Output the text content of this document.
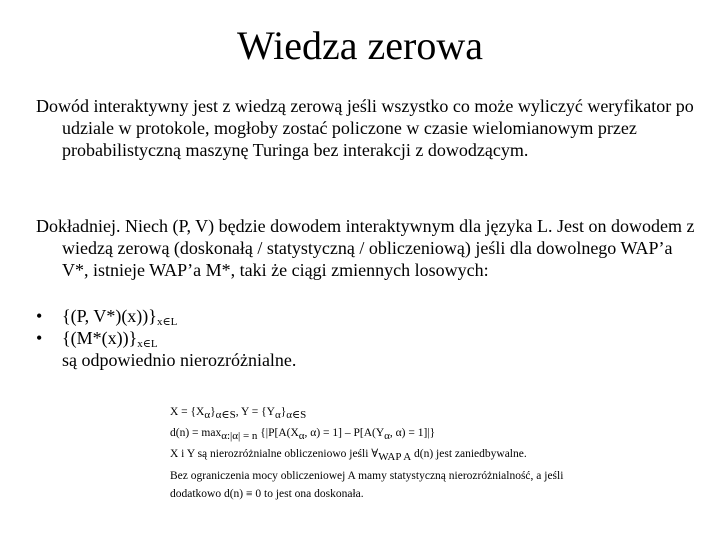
Wiedza zerowa
Dowód interaktywny jest z wiedzą zerową jeśli wszystko co może wyliczyć weryfikator po udziale w protokole, mogłoby zostać policzone w czasie wielomianowym przez probabilistyczną maszynę Turinga bez interakcji z dowodzącym.
Dokładniej. Niech (P, V) będzie dowodem interaktywnym dla języka L. Jest on dowodem z wiedzą zerową (doskonałą / statystyczną / obliczeniową) jeśli dla dowolnego WAP’a V*, istnieje WAP’a M*, taki że ciągi zmiennych losowych:
•	{(P, $V*)(x))\}_{x\in L}$
•	$\{(M*(x))\}_{x\in L}$
są odpowiednio nierozróżnialne.
$X = \{X_\alpha\}_{\alpha\in S}$, $Y = \{Y_\alpha\}_{\alpha\in S}$
$d(n) = \max_{\alpha:|\alpha| = n} \{|P[A(X_\alpha$, $\alpha) = 1] - P[A(Y_\alpha$, α) = 1]|}
X i Y są nierozróżnialne obliczeniowo jeśli $\forall_{WAP A}$ d(n) jest zaniedbywalne.
Bez ograniczenia mocy obliczeniowej A mamy statystyczną nierozróżnialność, a jeśli
dodatkowo d(n) ≡ 0 to jest ona doskonała.
